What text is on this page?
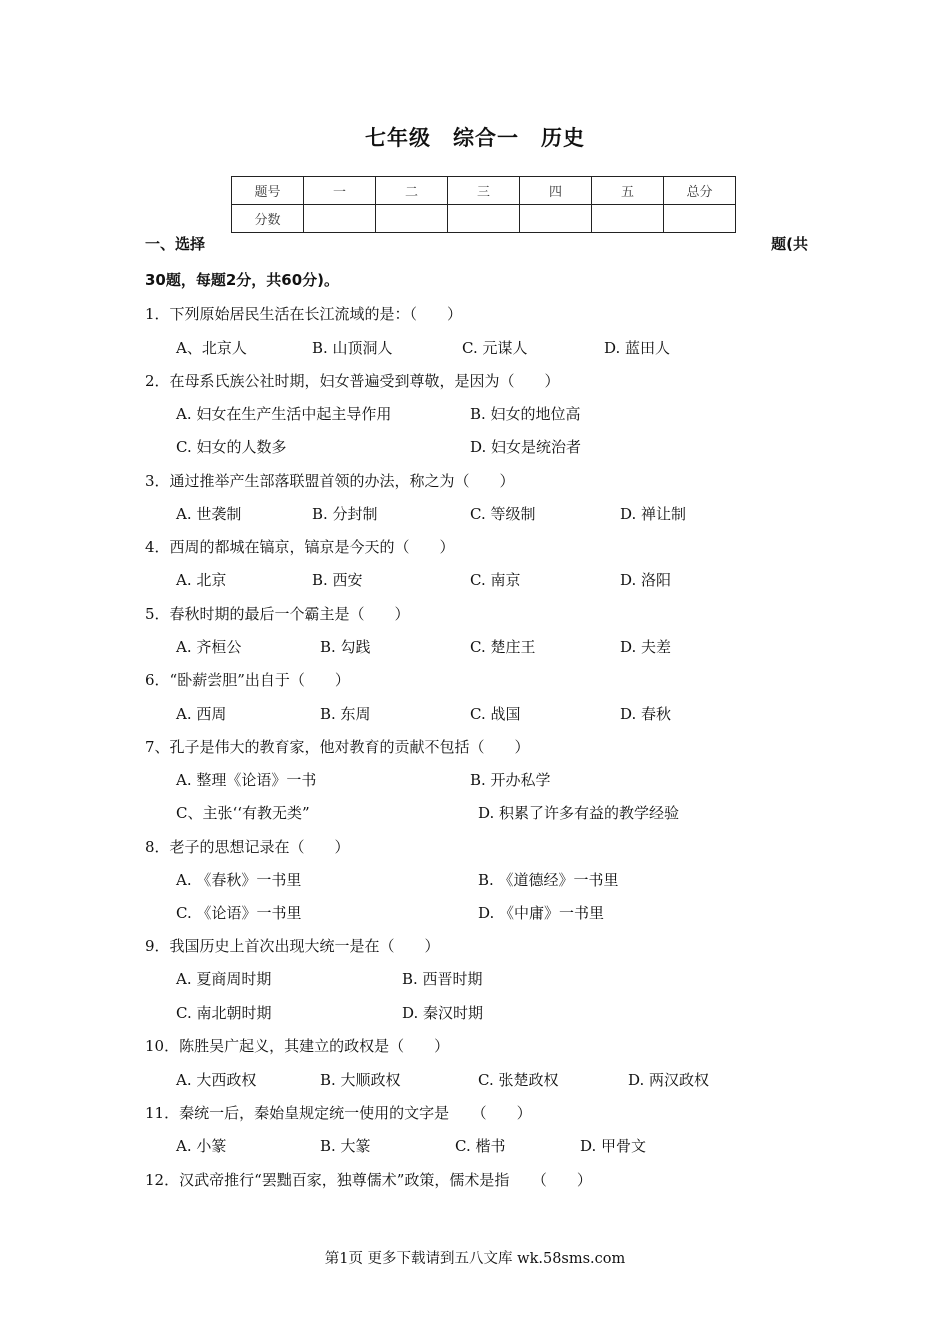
七年级　综合一　历史
题号	一	二	三	四	五	总分
分数						
一、选择	题(共
30题，每题2分，共60分)。
1．下列原始居民生活在长江流域的是：（　　）
A、北京人	B. 山顶洞人	C. 元谋人	D. 蓝田人
2．在母系氏族公社时期，妇女普遍受到尊敬，是因为（　　）
A. 妇女在生产生活中起主导作用	B. 妇女的地位高
C. 妇女的人数多	D. 妇女是统治者
3．通过推举产生部落联盟首领的办法，称之为（　　）
A. 世袭制	B. 分封制	C. 等级制	D. 禅让制
4．西周的都城在镐京，镐京是今天的（　　）
A. 北京	B. 西安	C. 南京	D. 洛阳
5．春秋时期的最后一个霸主是（　　）
A. 齐桓公	B. 勾践	C. 楚庄王	D. 夫差
6．“卧薪尝胆”出自于（　　）
A. 西周	B. 东周	C. 战国	D. 春秋
7、孔子是伟大的教育家，他对教育的贡献不包括（　　）
A. 整理《论语》一书	B. 开办私学
C、主张‘‘有教无类”	D. 积累了许多有益的教学经验
8．老子的思想记录在（　　）
A. 《春秋》一书里	B. 《道德经》一书里
C. 《论语》一书里	D. 《中庸》一书里
9．我国历史上首次出现大统一是在（　　）
A. 夏商周时期	B. 西晋时期
C. 南北朝时期	D. 秦汉时期
10．陈胜吴广起义，其建立的政权是（　　）
A. 大西政权	B. 大顺政权	C. 张楚政权	D. 两汉政权
11．秦统一后，秦始皇规定统一使用的文字是　　（　　）
A. 小篆	B. 大篆	C. 楷书	D. 甲骨文
12．汉武帝推行“罢黜百家，独尊儒术”政策，儒术是指　　（　　）
第1页 更多下载请到五八文库 wk.58sms.com
